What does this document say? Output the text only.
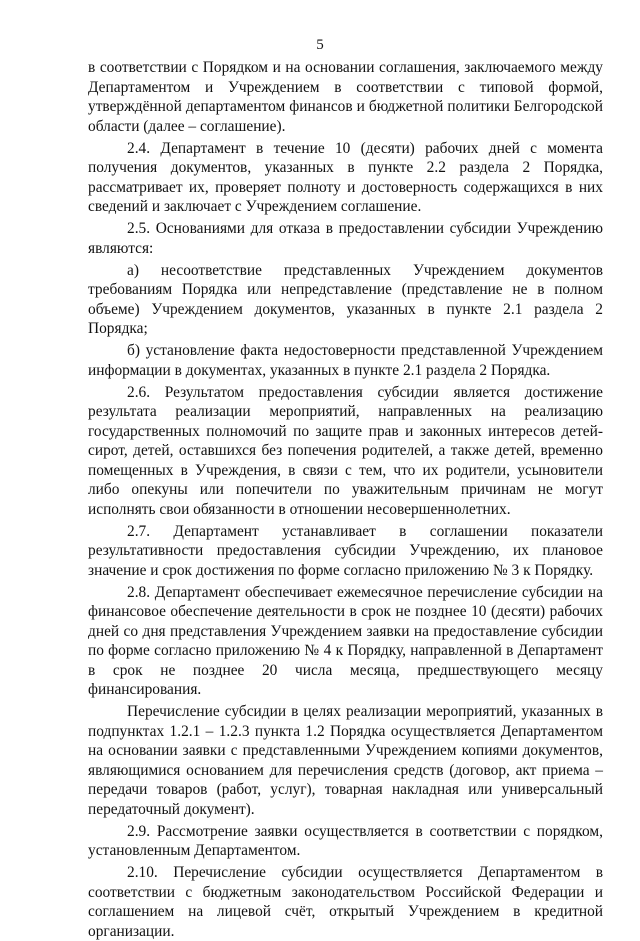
5

в соответствии с Порядком и на основании соглашения, заключаемого между Департаментом и Учреждением в соответствии с типовой формой, утверждённой департаментом финансов и бюджетной политики Белгородской области (далее – соглашение).

2.4. Департамент в течение 10 (десяти) рабочих дней с момента получения документов, указанных в пункте 2.2 раздела 2 Порядка, рассматривает их, проверяет полноту и достоверность содержащихся в них сведений и заключает с Учреждением соглашение.

2.5. Основаниями для отказа в предоставлении субсидии Учреждению являются:

а) несоответствие представленных Учреждением документов требованиям Порядка или непредставление (представление не в полном объеме) Учреждением документов, указанных в пункте 2.1 раздела 2 Порядка;

б) установление факта недостоверности представленной Учреждением информации в документах, указанных в пункте 2.1 раздела 2 Порядка.

2.6. Результатом предоставления субсидии является достижение результата реализации мероприятий, направленных на реализацию государственных полномочий по защите прав и законных интересов детей-сирот, детей, оставшихся без попечения родителей, а также детей, временно помещенных в Учреждения, в связи с тем, что их родители, усыновители либо опекуны или попечители по уважительным причинам не могут исполнять свои обязанности в отношении несовершеннолетних.

2.7. Департамент устанавливает в соглашении показатели результативности предоставления субсидии Учреждению, их плановое значение и срок достижения по форме согласно приложению № 3 к Порядку.

2.8. Департамент обеспечивает ежемесячное перечисление субсидии на финансовое обеспечение деятельности в срок не позднее 10 (десяти) рабочих дней со дня представления Учреждением заявки на предоставление субсидии по форме согласно приложению № 4 к Порядку, направленной в Департамент в срок не позднее 20 числа месяца, предшествующего месяцу финансирования.

Перечисление субсидии в целях реализации мероприятий, указанных в подпунктах 1.2.1 – 1.2.3 пункта 1.2 Порядка осуществляется Департаментом на основании заявки с представленными Учреждением копиями документов, являющимися основанием для перечисления средств (договор, акт приема – передачи товаров (работ, услуг), товарная накладная или универсальный передаточный документ).

2.9. Рассмотрение заявки осуществляется в соответствии с порядком, установленным Департаментом.

2.10. Перечисление субсидии осуществляется Департаментом в соответствии с бюджетным законодательством Российской Федерации и соглашением на лицевой счёт, открытый Учреждением в кредитной организации.
